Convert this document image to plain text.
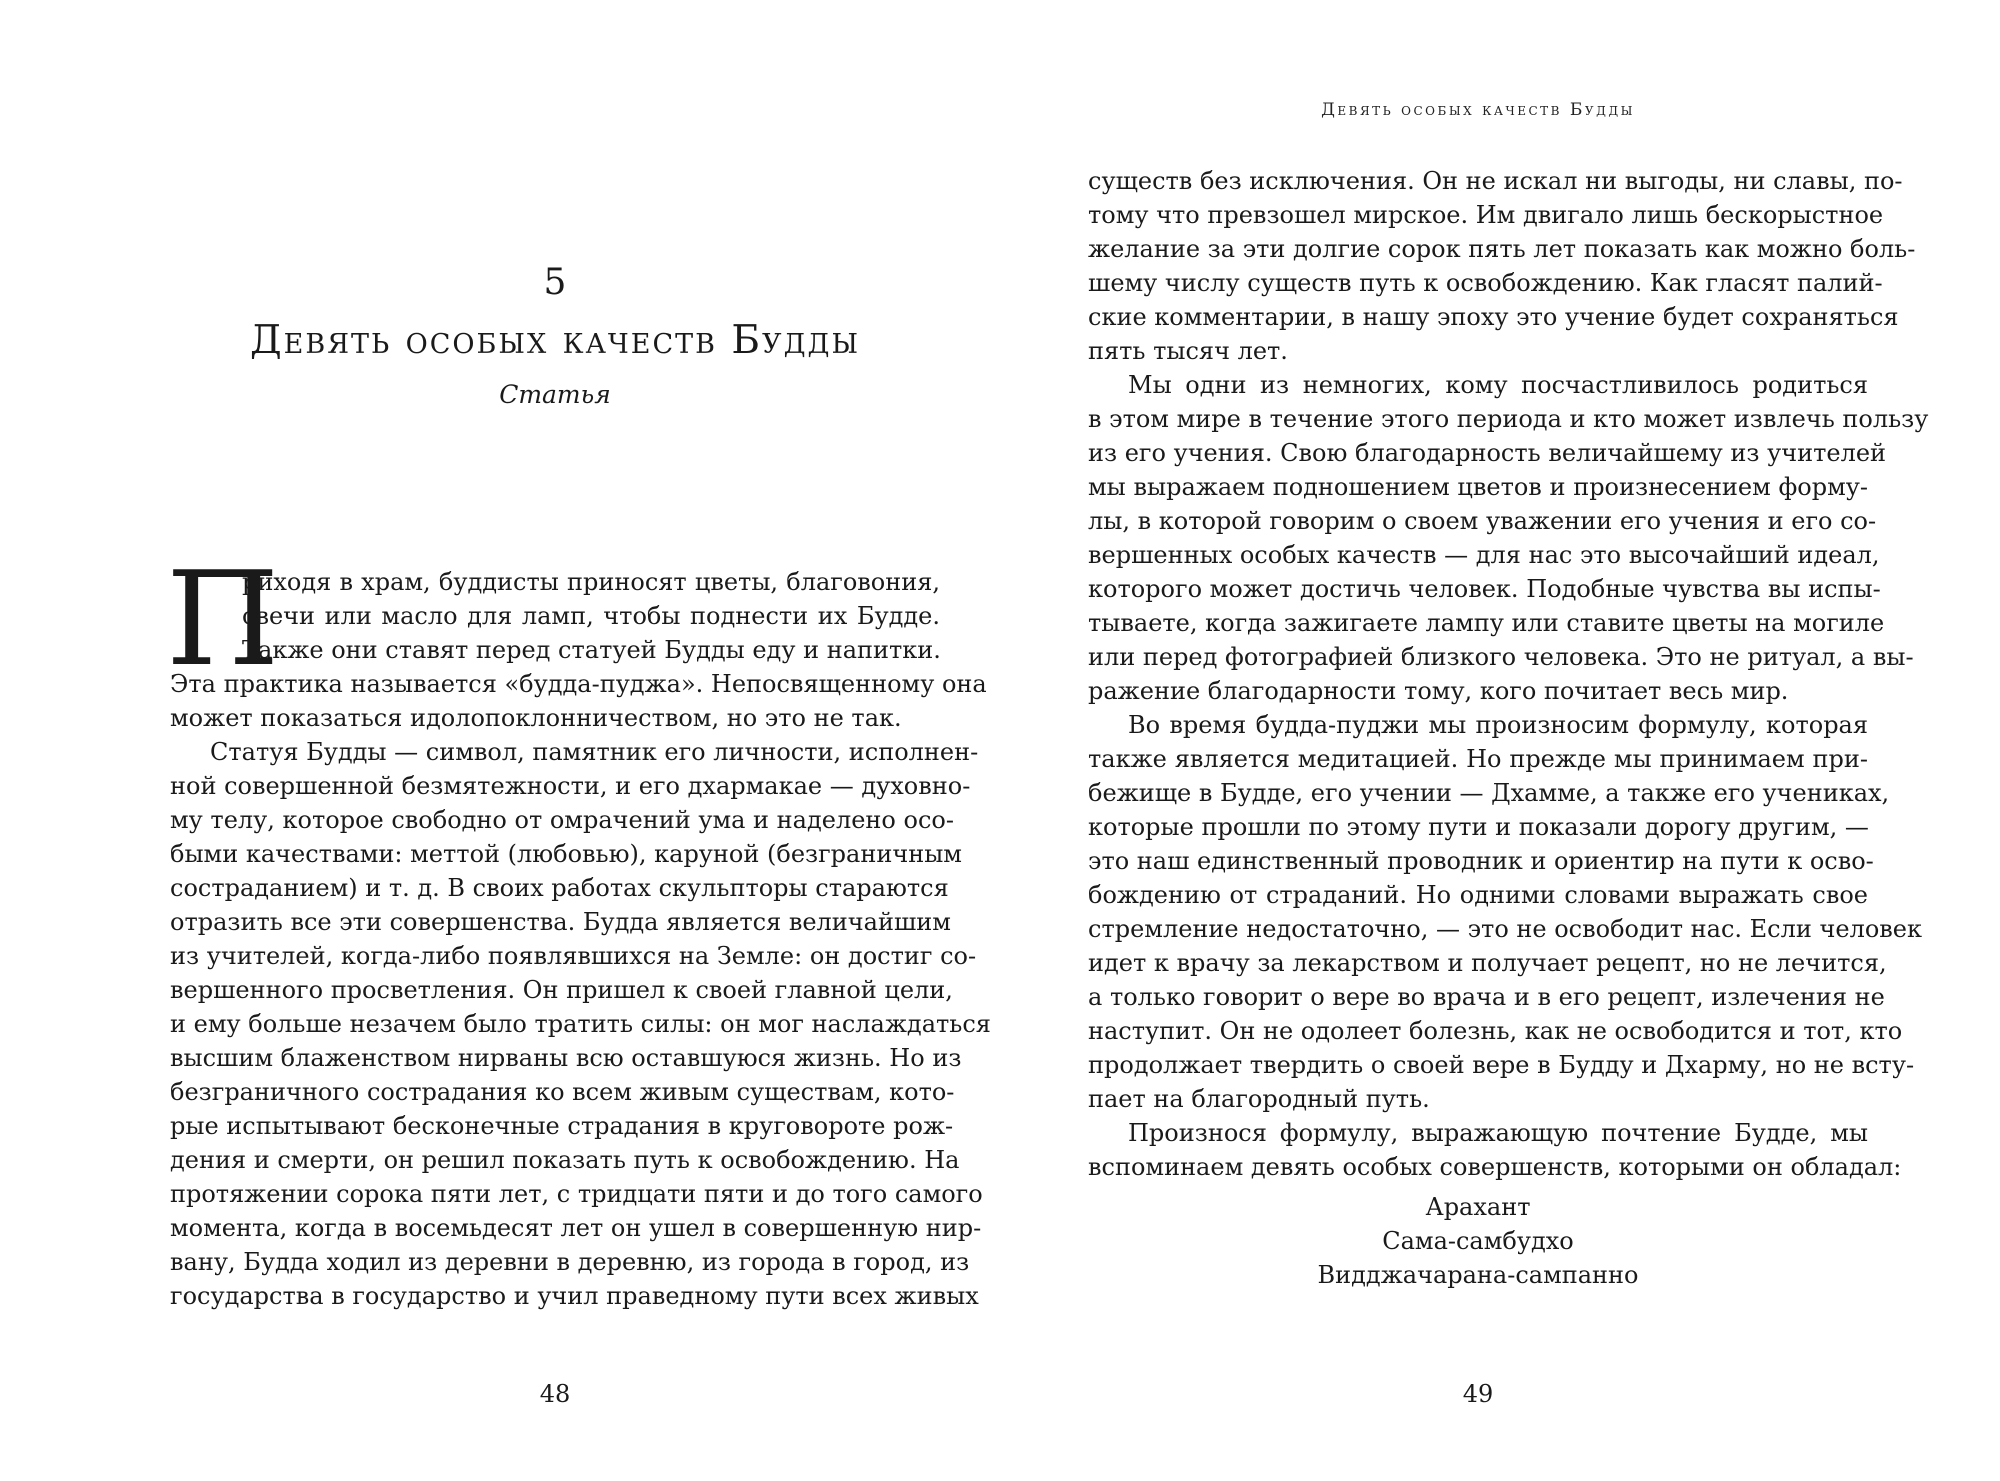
5
Девять особых качеств Будды
Статья
П
риходя в храм, буддисты приносят цветы, благовония,
свечи или масло для ламп, чтобы поднести их Будде.
Также они ставят перед статуей Будды еду и напитки.
Эта практика называется «будда-пуджа». Непосвященному она
может показаться идолопоклонничеством, но это не так.
Статуя Будды — символ, памятник его личности, исполнен-
ной совершенной безмятежности, и его дхармакае — духовно-
му телу, которое свободно от омрачений ума и наделено осо-
быми качествами: меттой (любовью), каруной (безграничным
состраданием) и т. д. В своих работах скульпторы стараются
отразить все эти совершенства. Будда является величайшим
из учителей, когда-либо появлявшихся на Земле: он достиг со-
вершенного просветления. Он пришел к своей главной цели,
и ему больше незачем было тратить силы: он мог наслаждаться
высшим блаженством нирваны всю оставшуюся жизнь. Но из
безграничного сострадания ко всем живым существам, кото-
рые испытывают бесконечные страдания в круговороте рож-
дения и смерти, он решил показать путь к освобождению. На
протяжении сорока пяти лет, с тридцати пяти и до того самого
момента, когда в восемьдесят лет он ушел в совершенную нир-
вану, Будда ходил из деревни в деревню, из города в город, из
государства в государство и учил праведному пути всех живых
48
Девять особых качеств Будды
существ без исключения. Он не искал ни выгоды, ни славы, по-
тому что превзошел мирское. Им двигало лишь бескорыстное
желание за эти долгие сорок пять лет показать как можно боль-
шему числу существ путь к освобождению. Как гласят палий-
ские комментарии, в нашу эпоху это учение будет сохраняться
пять тысяч лет.
Мы одни из немногих, кому посчастливилось родиться
в этом мире в течение этого периода и кто может извлечь пользу
из его учения. Свою благодарность величайшему из учителей
мы выражаем подношением цветов и произнесением форму-
лы, в которой говорим о своем уважении его учения и его со-
вершенных особых качеств — для нас это высочайший идеал,
которого может достичь человек. Подобные чувства вы испы-
тываете, когда зажигаете лампу или ставите цветы на могиле
или перед фотографией близкого человека. Это не ритуал, а вы-
ражение благодарности тому, кого почитает весь мир.
Во время будда-пуджи мы произносим формулу, которая
также является медитацией. Но прежде мы принимаем при-
бежище в Будде, его учении — Дхамме, а также его учениках,
которые прошли по этому пути и показали дорогу другим, —
это наш единственный проводник и ориентир на пути к осво-
бождению от страданий. Но одними словами выражать свое
стремление недостаточно, — это не освободит нас. Если человек
идет к врачу за лекарством и получает рецепт, но не лечится,
а только говорит о вере во врача и в его рецепт, излечения не
наступит. Он не одолеет болезнь, как не освободится и тот, кто
продолжает твердить о своей вере в Будду и Дхарму, но не всту-
пает на благородный путь.
Произнося формулу, выражающую почтение Будде, мы
вспоминаем девять особых совершенств, которыми он обладал:
Арахант
Сама-самбудхо
Видджачарана-сампанно
49
